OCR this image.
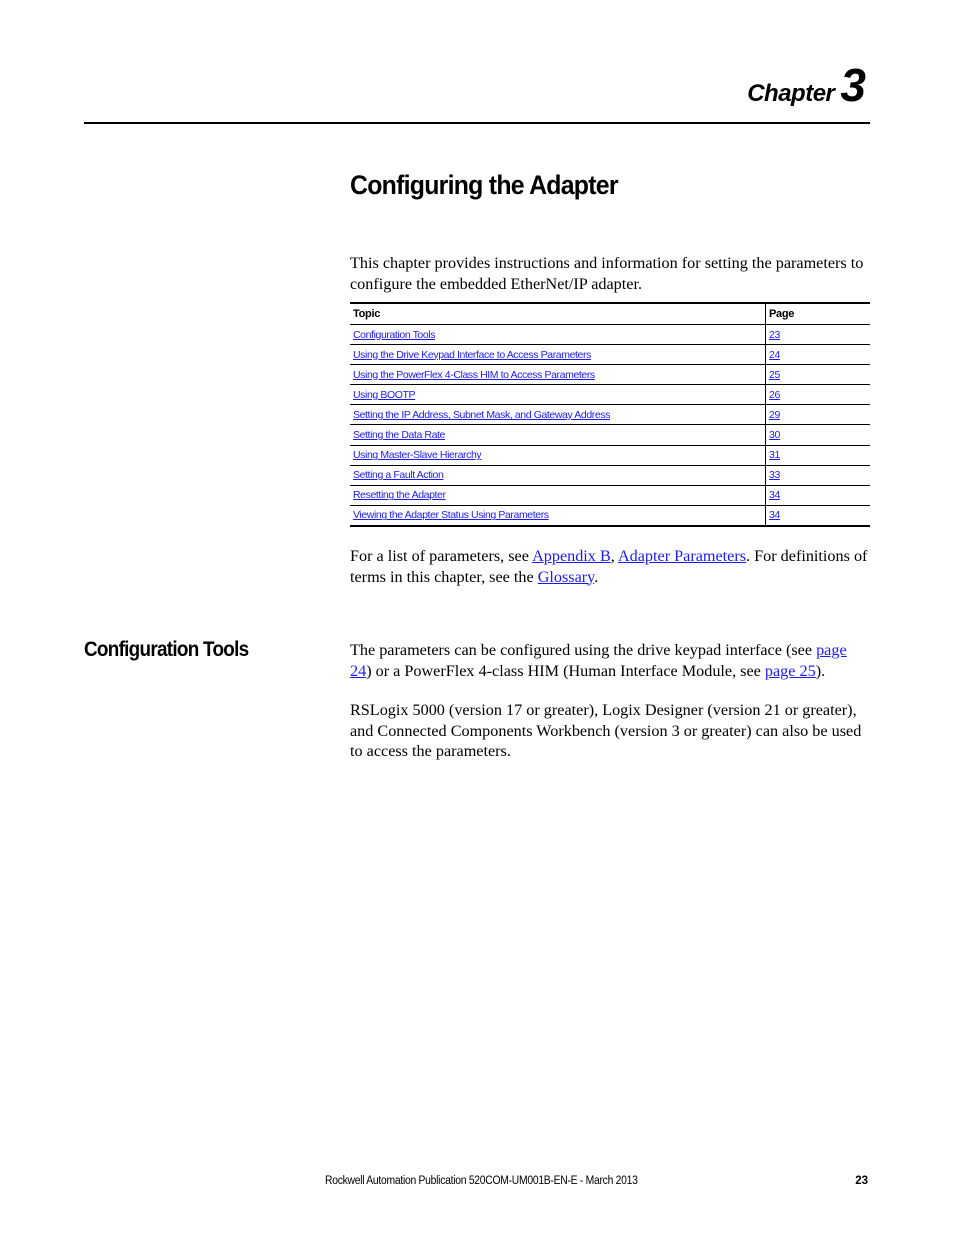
Chapter 3
Configuring the Adapter

This chapter provides instructions and information for setting the parameters to configure the embedded EtherNet/IP adapter.

Topic	Page
Configuration Tools	23
Using the Drive Keypad Interface to Access Parameters	24
Using the PowerFlex 4-Class HIM to Access Parameters	25
Using BOOTP	26
Setting the IP Address, Subnet Mask, and Gateway Address	29
Setting the Data Rate	30
Using Master-Slave Hierarchy	31
Setting a Fault Action	33
Resetting the Adapter	34
Viewing the Adapter Status Using Parameters	34

For a list of parameters, see Appendix B, Adapter Parameters. For definitions of terms in this chapter, see the Glossary.

Configuration Tools	The parameters can be configured using the drive keypad interface (see page 24) or a PowerFlex 4-class HIM (Human Interface Module, see page 25).

RSLogix 5000 (version 17 or greater), Logix Designer (version 21 or greater), and Connected Components Workbench (version 3 or greater) can also be used to access the parameters.

Rockwell Automation Publication 520COM-UM001B-EN-E - March 2013	23
